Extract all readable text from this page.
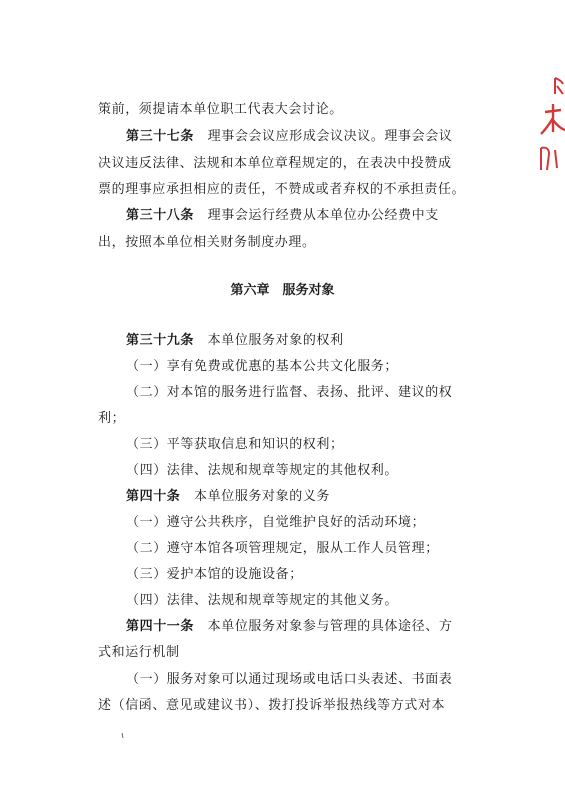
策前，须提请本单位职工代表大会讨论。

第三十七条　 理事会会议应形成会议决议。理事会会议

决议违反法律、法规和本单位章程规定的，在表决中投赞成

票的理事应承担相应的责任，不赞成或者弃权的不承担责任。

第三十八条　 理事会运行经费从本单位办公经费中支

出，按照本单位相关财务制度办理。

第六章　服务对象

第三十九条　 本单位服务对象的权利

（一）享有免费或优惠的基本公共文化服务；

（二）对本馆的服务进行监督、表扬、批评、建议的权

利；

（三）平等获取信息和知识的权利；

（四）法律、法规和规章等规定的其他权利。

第四十条　 本单位服务对象的义务

（一）遵守公共秩序，自觉维护良好的活动环境；

（二）遵守本馆各项管理规定，服从工作人员管理；

（三）爱护本馆的设施设备；

（四）法律、法规和规章等规定的其他义务。

第四十一条　 本单位服务对象参与管理的具体途径、方

式和运行机制

（一）服务对象可以通过现场或电话口头表述、书面表

述（信函、意见或建议书）、拨打投诉举报热线等方式对本
